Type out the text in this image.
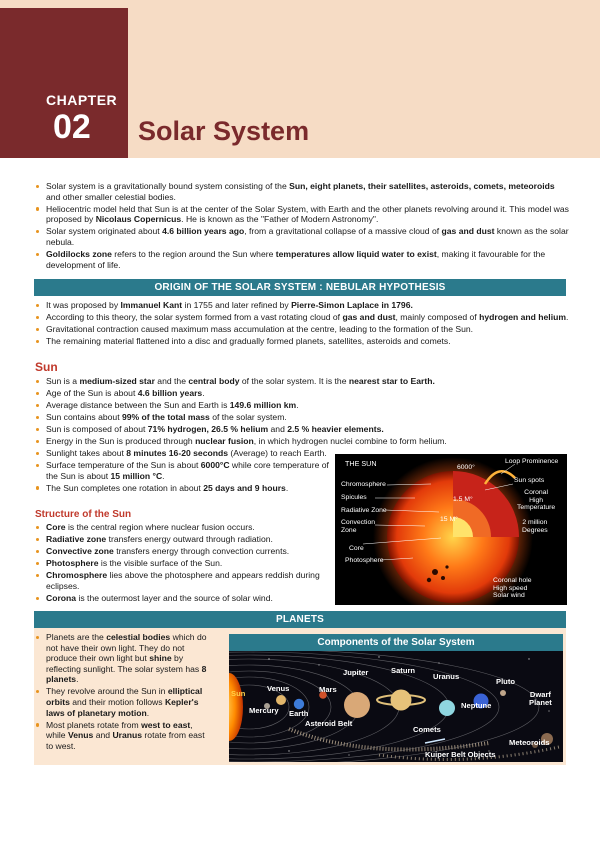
CHAPTER
02 Solar System
Solar system is a gravitationally bound system consisting of the Sun, eight planets, their satellites, asteroids, comets, meteoroids and other smaller celestial bodies.
Heliocentric model held that Sun is at the center of the Solar System, with Earth and the other planets revolving around it. This model was proposed by Nicolaus Copernicus. He is known as the "Father of Modern Astronomy".
Solar system originated about 4.6 billion years ago, from a gravitational collapse of a massive cloud of gas and dust known as the solar nebula.
Goldilocks zone refers to the region around the Sun where temperatures allow liquid water to exist, making it favourable for the development of life.
ORIGIN OF THE SOLAR SYSTEM : NEBULAR HYPOTHESIS
It was proposed by Immanuel Kant in 1755 and later refined by Pierre-Simon Laplace in 1796.
According to this theory, the solar system formed from a vast rotating cloud of gas and dust, mainly composed of hydrogen and helium.
Gravitational contraction caused maximum mass accumulation at the centre, leading to the formation of the Sun.
The remaining material flattened into a disc and gradually formed planets, satellites, asteroids and comets.
Sun
Sun is a medium-sized star and the central body of the solar system. It is the nearest star to Earth.
Age of the Sun is about 4.6 billion years.
Average distance between the Sun and Earth is 149.6 million km.
Sun contains about 99% of the total mass of the solar system.
Sun is composed of about 71% hydrogen, 26.5 % helium and 2.5 % heavier elements.
Energy in the Sun is produced through nuclear fusion, in which hydrogen nuclei combine to form helium.
Sunlight takes about 8 minutes 16-20 seconds (Average) to reach Earth.
Surface temperature of the Sun is about 6000°C while core temperature of the Sun is about 15 million °C.
The Sun completes one rotation in about 25 days and 9 hours.
Structure of the Sun
Core is the central region where nuclear fusion occurs.
Radiative zone transfers energy outward through radiation.
Convective zone transfers energy through convection currents.
Photosphere is the visible surface of the Sun.
Chromosphere lies above the photosphere and appears reddish during eclipses.
Corona is the outermost layer and the source of solar wind.
THE SUN	6000°
Loop Prominence
Sun spots
Coronal
High
Temperature
2 million
Degrees
Coronal hole
High speed
Solar wind
Chromosphere
Spicules
Radiative Zone
Convection
Zone
Core
Photosphere
1.5 M°
15 M°
PLANETS
Planets are the celestial bodies which do not have their own light. They do not produce their own light but shine by reflecting sunlight. The solar system has 8 planets.
They revolve around the Sun in elliptical orbits and their motion follows Kepler's laws of planetary motion.
Most planets rotate from west to east, while Venus and Uranus rotate from east to west.
Components of the Solar System
Sun
Venus
Mercury Earth
Mars
Jupiter	Saturn
Uranus
Neptune
Pluto
Dwarf
Planet
Asteroid Belt
Comets
Meteoroids
Kuiper Belt Objects
